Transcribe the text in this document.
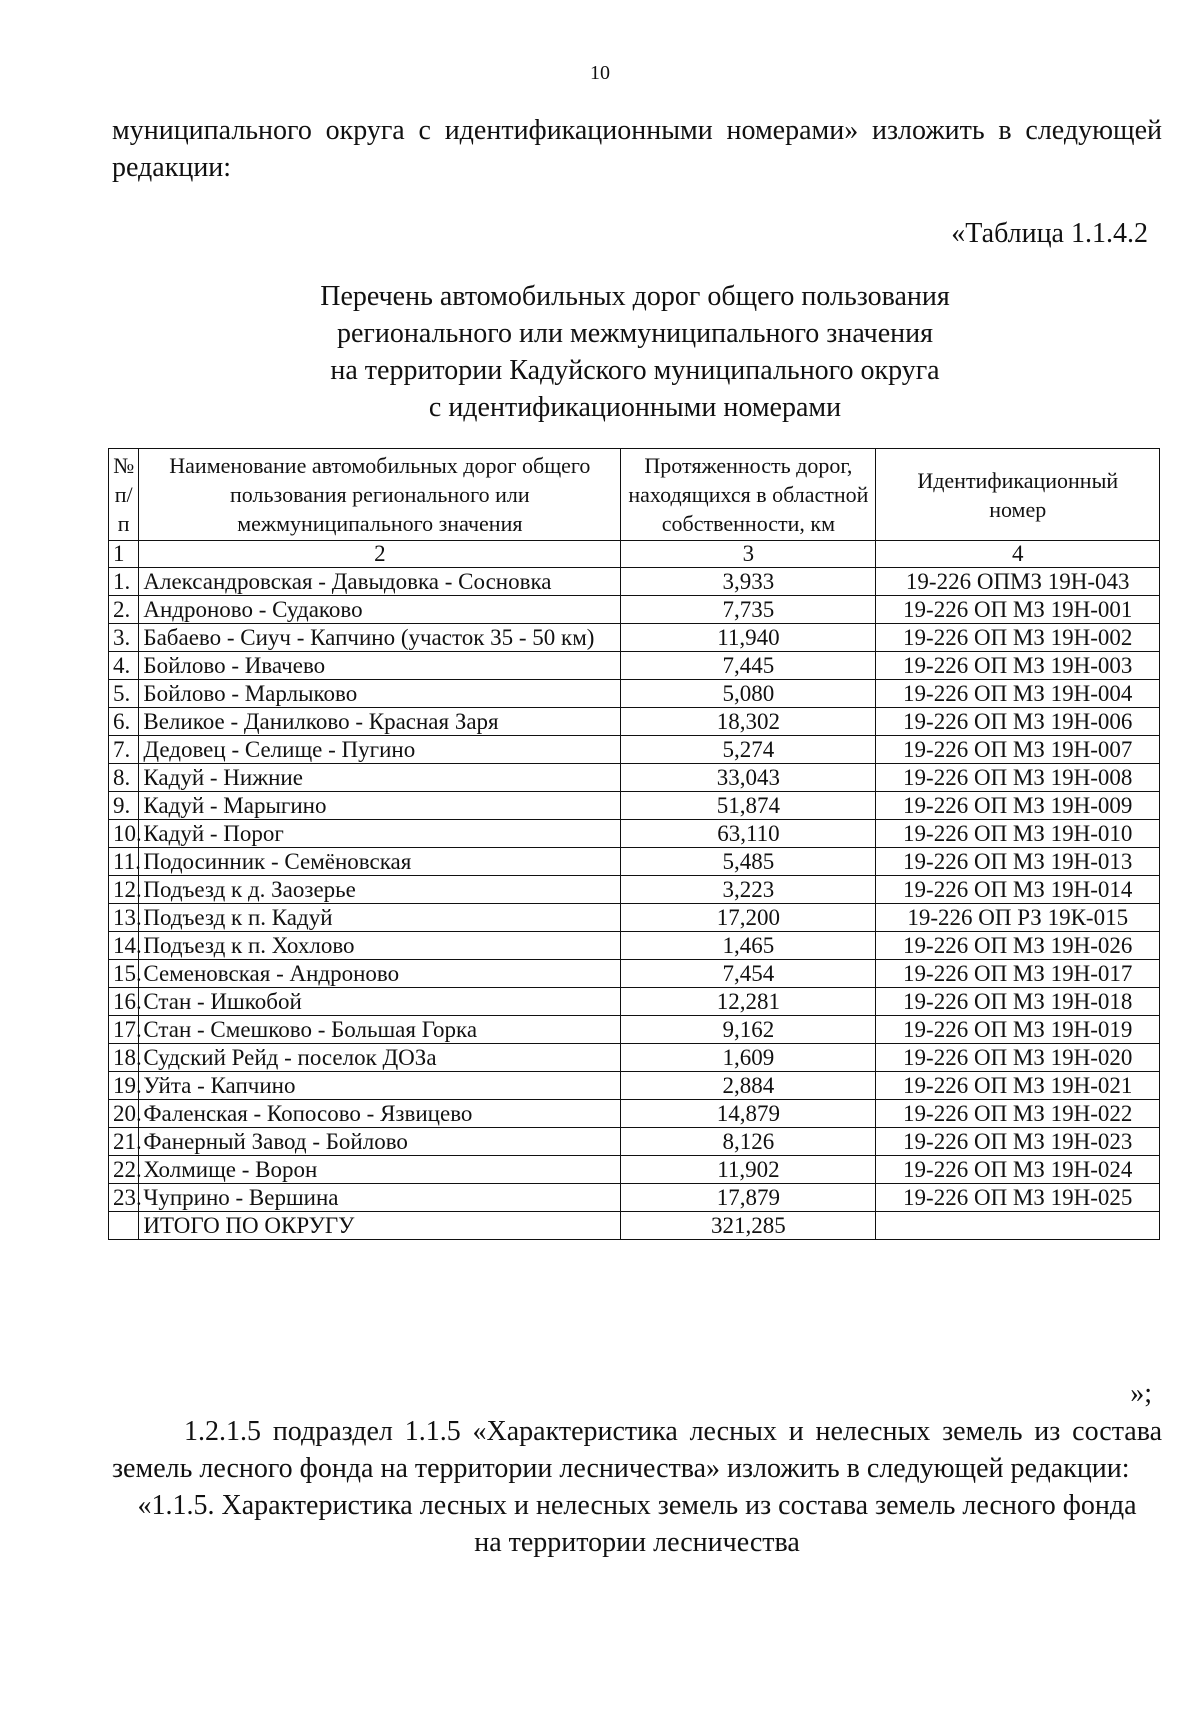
10
муниципального округа с идентификационными номерами» изложить в следующей редакции:
«Таблица 1.1.4.2
Перечень автомобильных дорог общего пользования
регионального или межмуниципального значения
на территории Кадуйского муниципального округа
с идентификационными номерами
№ п/п	Наименование автомобильных дорог общего пользования регионального или межмуниципального значения	Протяженность дорог, находящихся в областной собственности, км	Идентификационный номер
1	2	3	4
1.	Александровская - Давыдовка - Сосновка	3,933	19-226 ОПМЗ 19Н-043
2.	Андроново - Судаково	7,735	19-226 ОП МЗ 19Н-001
3.	Бабаево - Сиуч - Капчино (участок 35 - 50 км)	11,940	19-226 ОП МЗ 19Н-002
4.	Бойлово - Ивачево	7,445	19-226 ОП МЗ 19Н-003
5.	Бойлово - Марлыково	5,080	19-226 ОП МЗ 19Н-004
6.	Великое - Данилково - Красная Заря	18,302	19-226 ОП МЗ 19Н-006
7.	Дедовец - Селище - Пугино	5,274	19-226 ОП МЗ 19Н-007
8.	Кадуй - Нижние	33,043	19-226 ОП МЗ 19Н-008
9.	Кадуй - Марыгино	51,874	19-226 ОП МЗ 19Н-009
10.	Кадуй - Порог	63,110	19-226 ОП МЗ 19Н-010
11.	Подосинник - Семёновская	5,485	19-226 ОП МЗ 19Н-013
12.	Подъезд к д. Заозерье	3,223	19-226 ОП МЗ 19Н-014
13.	Подъезд к п. Кадуй	17,200	19-226 ОП РЗ 19К-015
14.	Подъезд к п. Хохлово	1,465	19-226 ОП МЗ 19Н-026
15.	Семеновская - Андроново	7,454	19-226 ОП МЗ 19Н-017
16.	Стан - Ишкобой	12,281	19-226 ОП МЗ 19Н-018
17.	Стан - Смешково - Большая Горка	9,162	19-226 ОП МЗ 19Н-019
18.	Судский Рейд - поселок ДОЗа	1,609	19-226 ОП МЗ 19Н-020
19.	Уйта - Капчино	2,884	19-226 ОП МЗ 19Н-021
20.	Фаленская - Копосово - Язвицево	14,879	19-226 ОП МЗ 19Н-022
21.	Фанерный Завод - Бойлово	8,126	19-226 ОП МЗ 19Н-023
22.	Холмище - Ворон	11,902	19-226 ОП МЗ 19Н-024
23.	Чуприно - Вершина	17,879	19-226 ОП МЗ 19Н-025
	ИТОГО ПО ОКРУГУ	321,285	
»;
1.2.1.5 подраздел 1.1.5 «Характеристика лесных и нелесных земель из состава земель лесного фонда на территории лесничества» изложить в следующей редакции:
«1.1.5. Характеристика лесных и нелесных земель из состава земель лесного фонда
на территории лесничества
